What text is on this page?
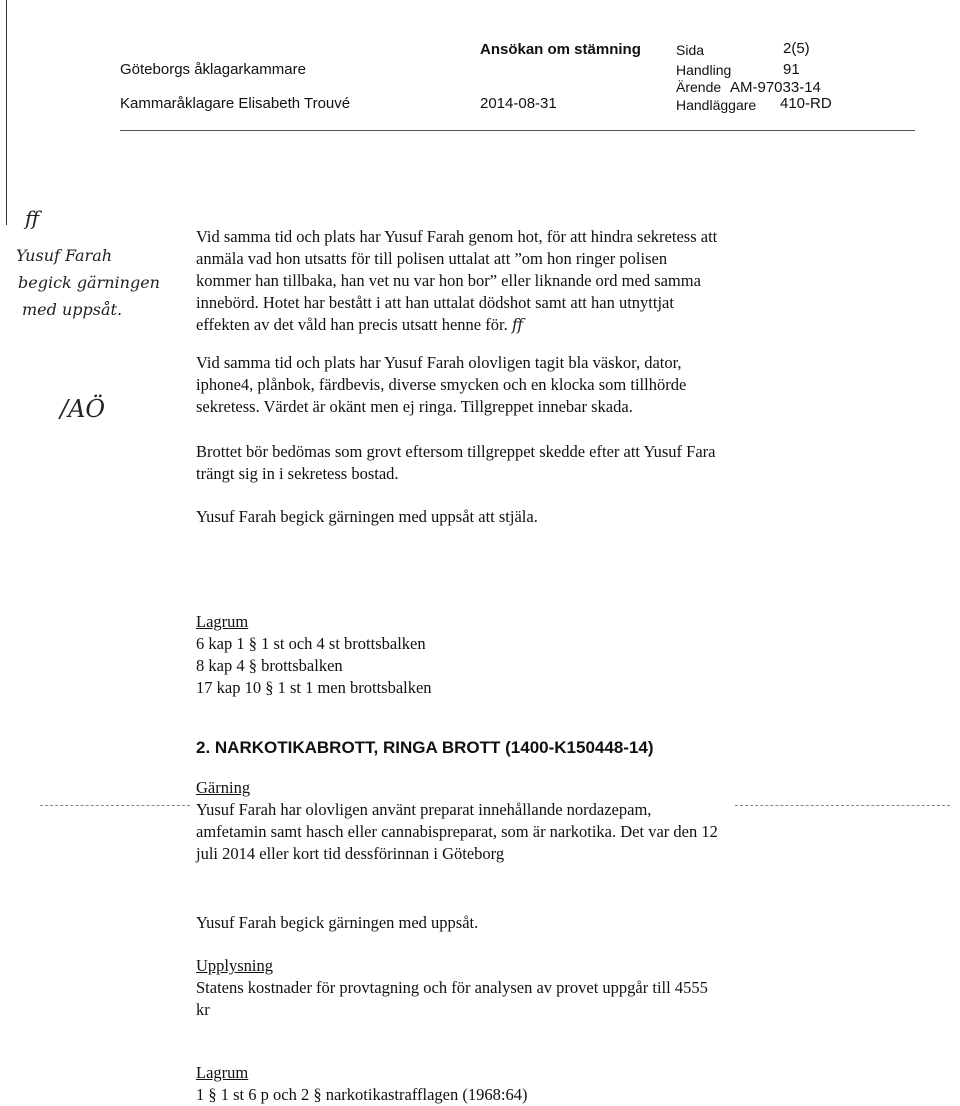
Göteborgs åklagarkammare
Kammaråklagare Elisabeth Trouvé
Ansökan om stämning
2014-08-31
Sida	2(5)
Handling	91
Ärende AM-97033-14
Handläggare 410-RD
ff
Yusuf Farah
begick gärningen
med uppsåt.
/AÖ
Vid samma tid och plats har Yusuf Farah genom hot, för att hindra sekretess att
anmäla vad hon utsatts för till polisen uttalat att ”om hon ringer polisen
kommer han tillbaka, han vet nu var hon bor” eller liknande ord med samma
innebörd. Hotet har bestått i att han uttalat dödshot samt att han utnyttjat
effekten av det våld han precis utsatt henne för. ff
Vid samma tid och plats har Yusuf Farah olovligen tagit bla väskor, dator,
iphone4, plånbok, färdbevis, diverse smycken och en klocka som tillhörde
sekretess. Värdet är okänt men ej ringa. Tillgreppet innebar skada.
Brottet bör bedömas som grovt eftersom tillgreppet skedde efter att Yusuf Fara
trängt sig in i sekretess bostad.
Yusuf Farah begick gärningen med uppsåt att stjäla.
Lagrum
6 kap 1 § 1 st och 4 st brottsbalken
8 kap 4 § brottsbalken
17 kap 10 § 1 st 1 men brottsbalken
2. NARKOTIKABROTT, RINGA BROTT (1400-K150448-14)
Gärning
Yusuf Farah har olovligen använt preparat innehållande nordazepam,
amfetamin samt hasch eller cannabispreparat, som är narkotika. Det var den 12
juli 2014 eller kort tid dessförinnan i Göteborg
Yusuf Farah begick gärningen med uppsåt.
Upplysning
Statens kostnader för provtagning och för analysen av provet uppgår till 4555
kr
Lagrum
1 § 1 st 6 p och 2 § narkotikastrafflagen (1968:64)
